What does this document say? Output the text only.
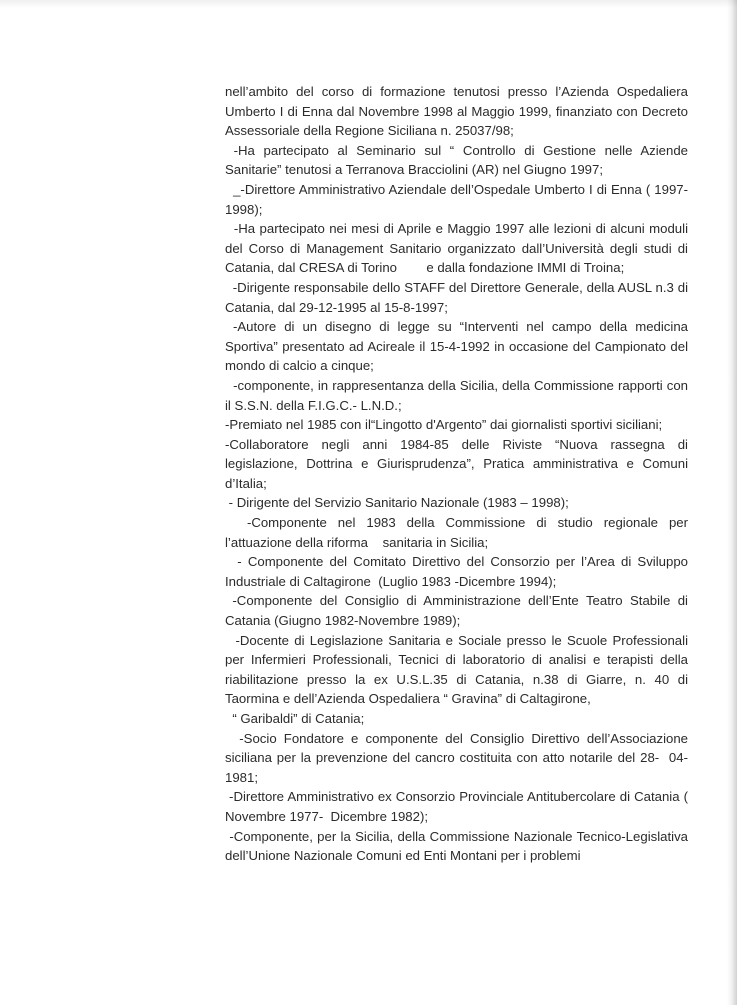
nell’ambito del corso di formazione tenutosi presso l’Azienda Ospedaliera Umberto I di Enna dal Novembre 1998 al Maggio 1999, finanziato con Decreto Assessoriale della Regione Siciliana n. 25037/98;

-Ha partecipato al Seminario sul “ Controllo di Gestione nelle Aziende Sanitarie” tenutosi a Terranova Bracciolini (AR) nel Giugno 1997;

_-Direttore Amministrativo Aziendale dell’Ospedale Umberto I di Enna ( 1997-1998);

-Ha partecipato nei mesi di Aprile e Maggio 1997 alle lezioni di alcuni moduli del Corso di Management Sanitario organizzato dall’Università degli studi di Catania, dal CRESA di Torino        e dalla fondazione IMMI di Troina;

-Dirigente responsabile dello STAFF del Direttore Generale, della AUSL n.3 di Catania, dal 29-12-1995 al 15-8-1997;

-Autore di un disegno di legge su “Interventi nel campo della medicina Sportiva” presentato ad Acireale il 15-4-1992 in occasione del Campionato del mondo di calcio a cinque;

-componente, in rappresentanza della Sicilia, della Commissione rapporti con il S.S.N. della F.I.G.C.- L.N.D.;

-Premiato nel 1985 con il“Lingotto d'Argento” dai giornalisti sportivi siciliani;

-Collaboratore negli anni 1984-85 delle Riviste “Nuova rassegna di legislazione, Dottrina e Giurisprudenza”, Pratica amministrativa e Comuni d’Italia;

- Dirigente del Servizio Sanitario Nazionale (1983 – 1998);

-Componente nel 1983 della Commissione di studio regionale per  l’attuazione della riforma    sanitaria in Sicilia;

- Componente del Comitato Direttivo del Consorzio per l’Area di Sviluppo  Industriale di Caltagirone  (Luglio 1983 -Dicembre 1994);

-Componente del Consiglio di Amministrazione dell’Ente Teatro Stabile di Catania (Giugno 1982-Novembre 1989);

-Docente di Legislazione Sanitaria e Sociale presso le Scuole Professionali  per Infermieri Professionali, Tecnici di laboratorio di analisi e terapisti della  riabilitazione presso la ex U.S.L.35 di Catania, n.38 di Giarre, n. 40 di  Taormina e dell’Azienda Ospedaliera “ Gravina” di Caltagirone,
“ Garibaldi” di Catania;

-Socio Fondatore e componente del Consiglio Direttivo dell’Associazione  siciliana per la prevenzione del cancro costituita con atto notarile del 28-  04-1981;

-Direttore Amministrativo ex Consorzio Provinciale Antitubercolare di Catania ( Novembre 1977-  Dicembre 1982);

-Componente, per la Sicilia, della Commissione Nazionale Tecnico-Legislativa dell’Unione Nazionale Comuni ed Enti Montani per i problemi
